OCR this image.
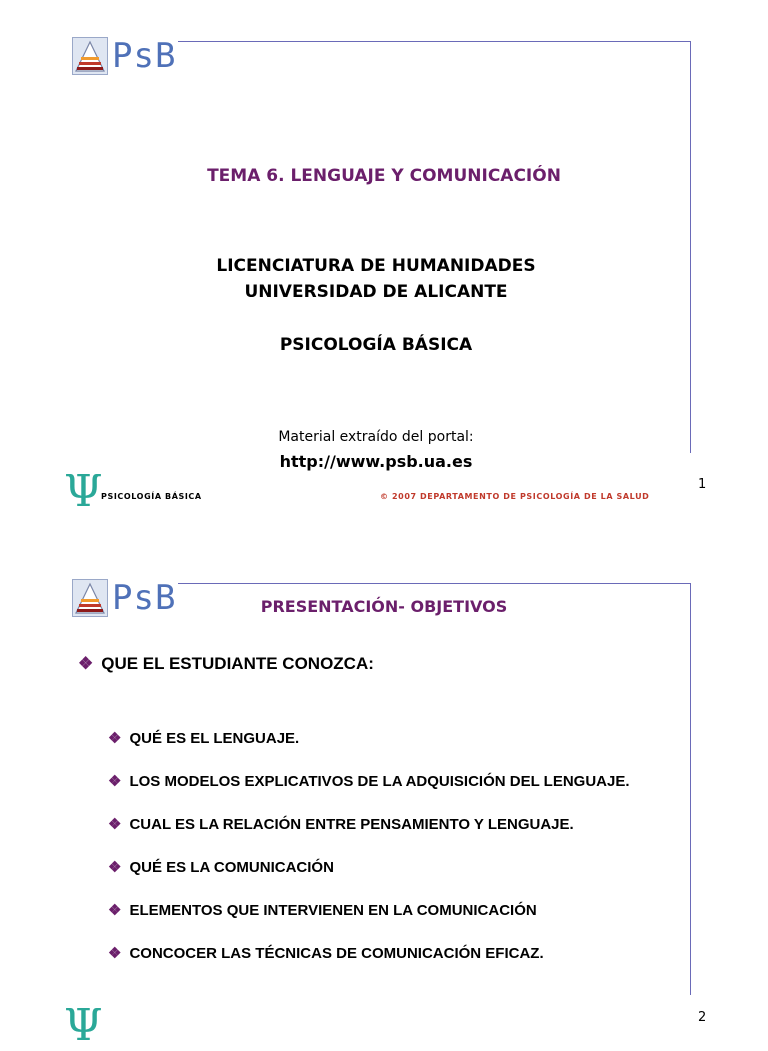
PsB
TEMA 6. LENGUAJE Y COMUNICACIÓN
LICENCIATURA DE HUMANIDADES
UNIVERSIDAD DE ALICANTE
PSICOLOGÍA BÁSICA
Material extraído del portal:
http://www.psb.ua.es
Ψ
PSICOLOGÍA BÁSICA	© 2007 DEPARTAMENTO DE PSICOLOGÍA DE LA SALUD
1
PsB	PRESENTACIÓN- OBJETIVOS
❖ QUE EL ESTUDIANTE CONOZCA:
❖ QUÉ ES EL LENGUAJE.
❖ LOS MODELOS EXPLICATIVOS DE LA ADQUISICIÓN DEL LENGUAJE.
❖ CUAL ES LA RELACIÓN ENTRE PENSAMIENTO Y LENGUAJE.
❖ QUÉ ES LA COMUNICACIÓN
❖ ELEMENTOS QUE INTERVIENEN EN LA COMUNICACIÓN
❖ CONCOCER LAS TÉCNICAS DE COMUNICACIÓN EFICAZ.
Ψ	2
